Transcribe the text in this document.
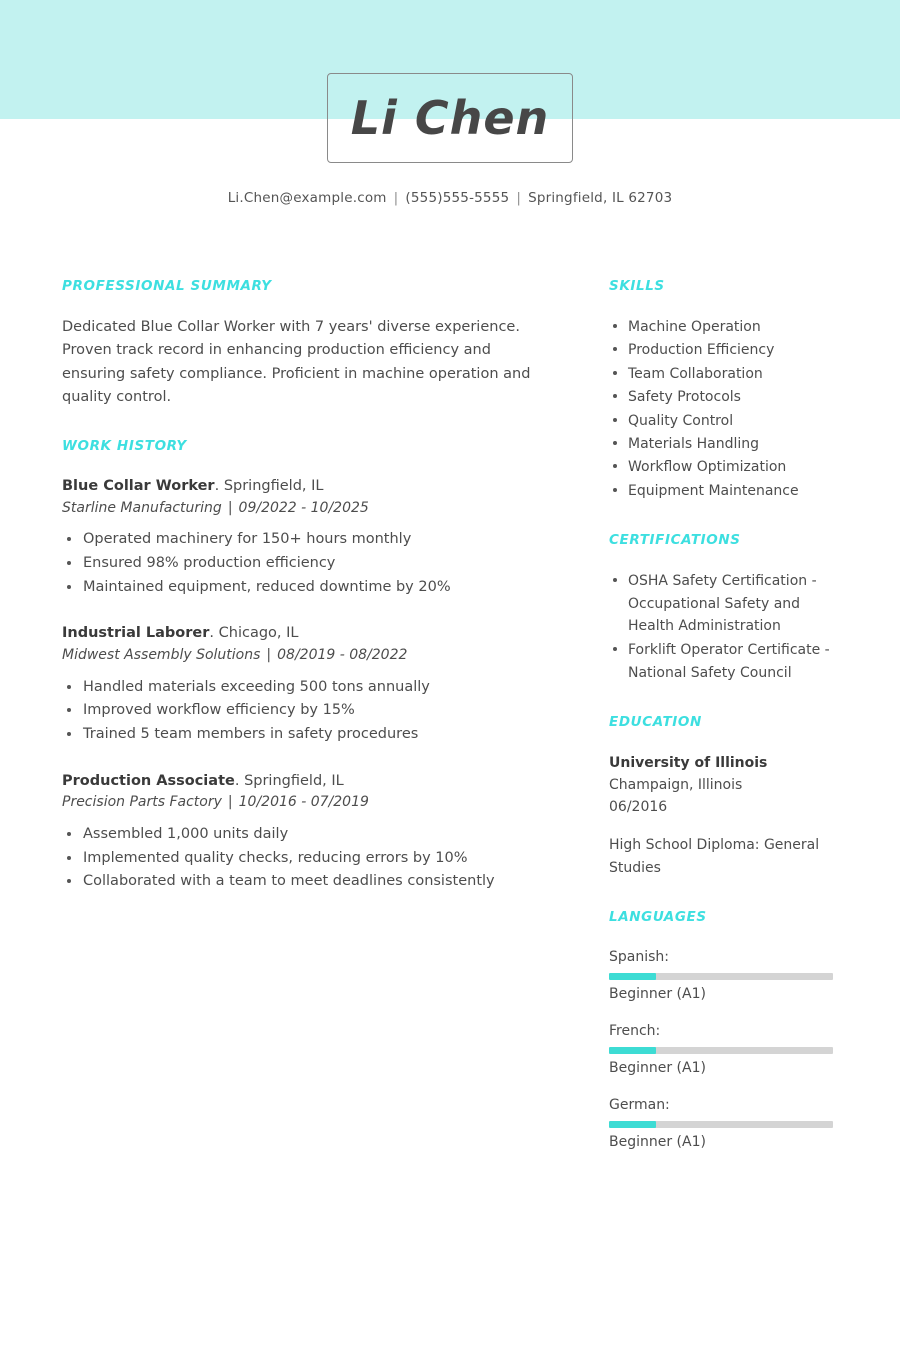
Li Chen
Li.Chen@example.com | (555)555-5555 | Springfield, IL 62703
PROFESSIONAL SUMMARY
Dedicated Blue Collar Worker with 7 years' diverse experience. Proven track record in enhancing production efficiency and ensuring safety compliance. Proficient in machine operation and quality control.
WORK HISTORY
Blue Collar Worker. Springfield, IL
Starline Manufacturing | 09/2022 - 10/2025
Operated machinery for 150+ hours monthly
Ensured 98% production efficiency
Maintained equipment, reduced downtime by 20%
Industrial Laborer. Chicago, IL
Midwest Assembly Solutions | 08/2019 - 08/2022
Handled materials exceeding 500 tons annually
Improved workflow efficiency by 15%
Trained 5 team members in safety procedures
Production Associate. Springfield, IL
Precision Parts Factory | 10/2016 - 07/2019
Assembled 1,000 units daily
Implemented quality checks, reducing errors by 10%
Collaborated with a team to meet deadlines consistently
SKILLS
Machine Operation
Production Efficiency
Team Collaboration
Safety Protocols
Quality Control
Materials Handling
Workflow Optimization
Equipment Maintenance
CERTIFICATIONS
OSHA Safety Certification - Occupational Safety and Health Administration
Forklift Operator Certificate - National Safety Council
EDUCATION
University of Illinois
Champaign, Illinois
06/2016
High School Diploma: General Studies
LANGUAGES
Spanish:
Beginner (A1)
French:
Beginner (A1)
German:
Beginner (A1)
